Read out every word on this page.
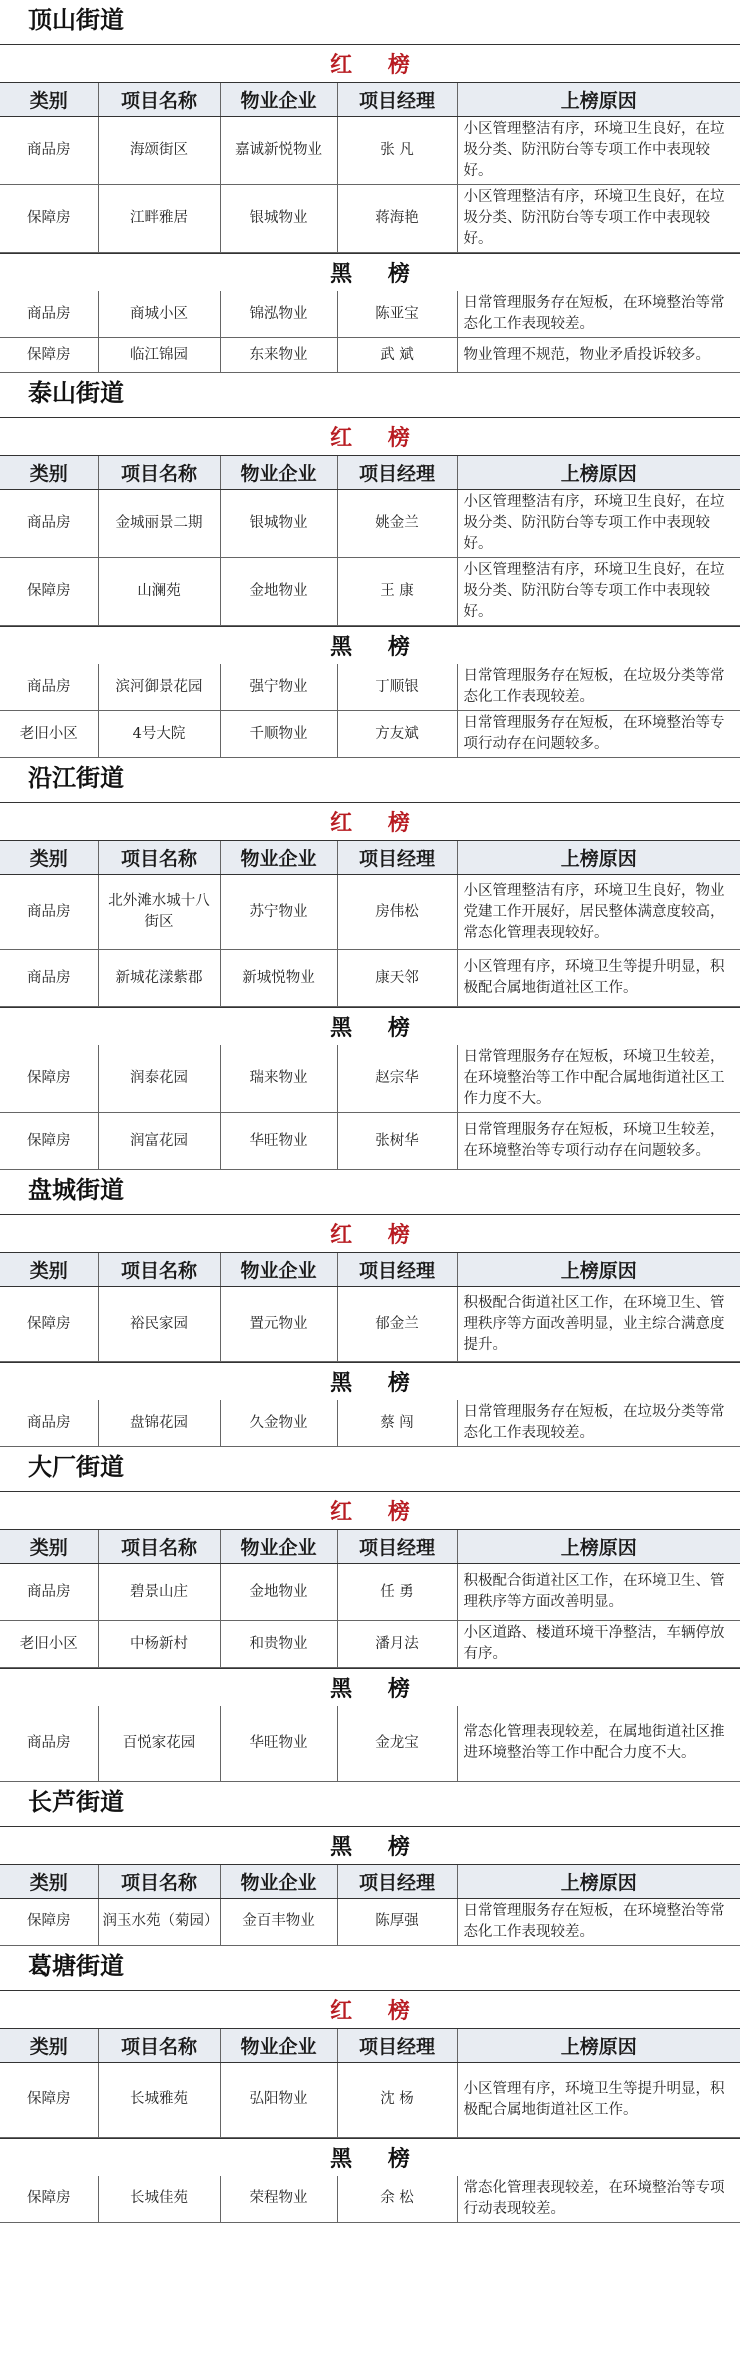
顶山街道
红 榜
类别	项目名称	物业企业	项目经理	上榜原因
商品房	海颂街区	嘉诚新悦物业	张 凡	小区管理整洁有序，环境卫生良好，在垃圾分类、防汛防台等专项工作中表现较好。
保障房	江畔雅居	银城物业	蒋海艳	小区管理整洁有序，环境卫生良好，在垃圾分类、防汛防台等专项工作中表现较好。
黑 榜
商品房	商城小区	锦泓物业	陈亚宝	日常管理服务存在短板，在环境整治等常态化工作表现较差。
保障房	临江锦园	东来物业	武 斌	物业管理不规范，物业矛盾投诉较多。
泰山街道
红 榜
类别	项目名称	物业企业	项目经理	上榜原因
商品房	金城丽景二期	银城物业	姚金兰	小区管理整洁有序，环境卫生良好，在垃圾分类、防汛防台等专项工作中表现较好。
保障房	山澜苑	金地物业	王 康	小区管理整洁有序，环境卫生良好，在垃圾分类、防汛防台等专项工作中表现较好。
黑 榜
商品房	滨河御景花园	强宁物业	丁顺银	日常管理服务存在短板，在垃圾分类等常态化工作表现较差。
老旧小区	4号大院	千顺物业	方友斌	日常管理服务存在短板，在环境整治等专项行动存在问题较多。
沿江街道
红 榜
类别	项目名称	物业企业	项目经理	上榜原因
商品房	北外滩水城十八街区	苏宁物业	房伟松	小区管理整洁有序，环境卫生良好，物业党建工作开展好，居民整体满意度较高，常态化管理表现较好。
商品房	新城花漾紫郡	新城悦物业	康天邻	小区管理有序，环境卫生等提升明显，积极配合属地街道社区工作。
黑 榜
保障房	润泰花园	瑞来物业	赵宗华	日常管理服务存在短板，环境卫生较差，在环境整治等工作中配合属地街道社区工作力度不大。
保障房	润富花园	华旺物业	张树华	日常管理服务存在短板，环境卫生较差，在环境整治等专项行动存在问题较多。
盘城街道
红 榜
类别	项目名称	物业企业	项目经理	上榜原因
保障房	裕民家园	置元物业	郁金兰	积极配合街道社区工作，在环境卫生、管理秩序等方面改善明显，业主综合满意度提升。
黑 榜
商品房	盘锦花园	久金物业	蔡 闯	日常管理服务存在短板，在垃圾分类等常态化工作表现较差。
大厂街道
红 榜
类别	项目名称	物业企业	项目经理	上榜原因
商品房	碧景山庄	金地物业	任 勇	积极配合街道社区工作，在环境卫生、管理秩序等方面改善明显。
老旧小区	中杨新村	和贵物业	潘月法	小区道路、楼道环境干净整洁，车辆停放有序。
黑 榜
商品房	百悦家花园	华旺物业	金龙宝	常态化管理表现较差，在属地街道社区推进环境整治等工作中配合力度不大。
长芦街道
黑 榜
类别	项目名称	物业企业	项目经理	上榜原因
保障房	润玉水苑（菊园）	金百丰物业	陈厚强	日常管理服务存在短板，在环境整治等常态化工作表现较差。
葛塘街道
红 榜
类别	项目名称	物业企业	项目经理	上榜原因
保障房	长城雅苑	弘阳物业	沈 杨	小区管理有序，环境卫生等提升明显，积极配合属地街道社区工作。
黑 榜
保障房	长城佳苑	荣程物业	余 松	常态化管理表现较差，在环境整治等专项行动表现较差。
